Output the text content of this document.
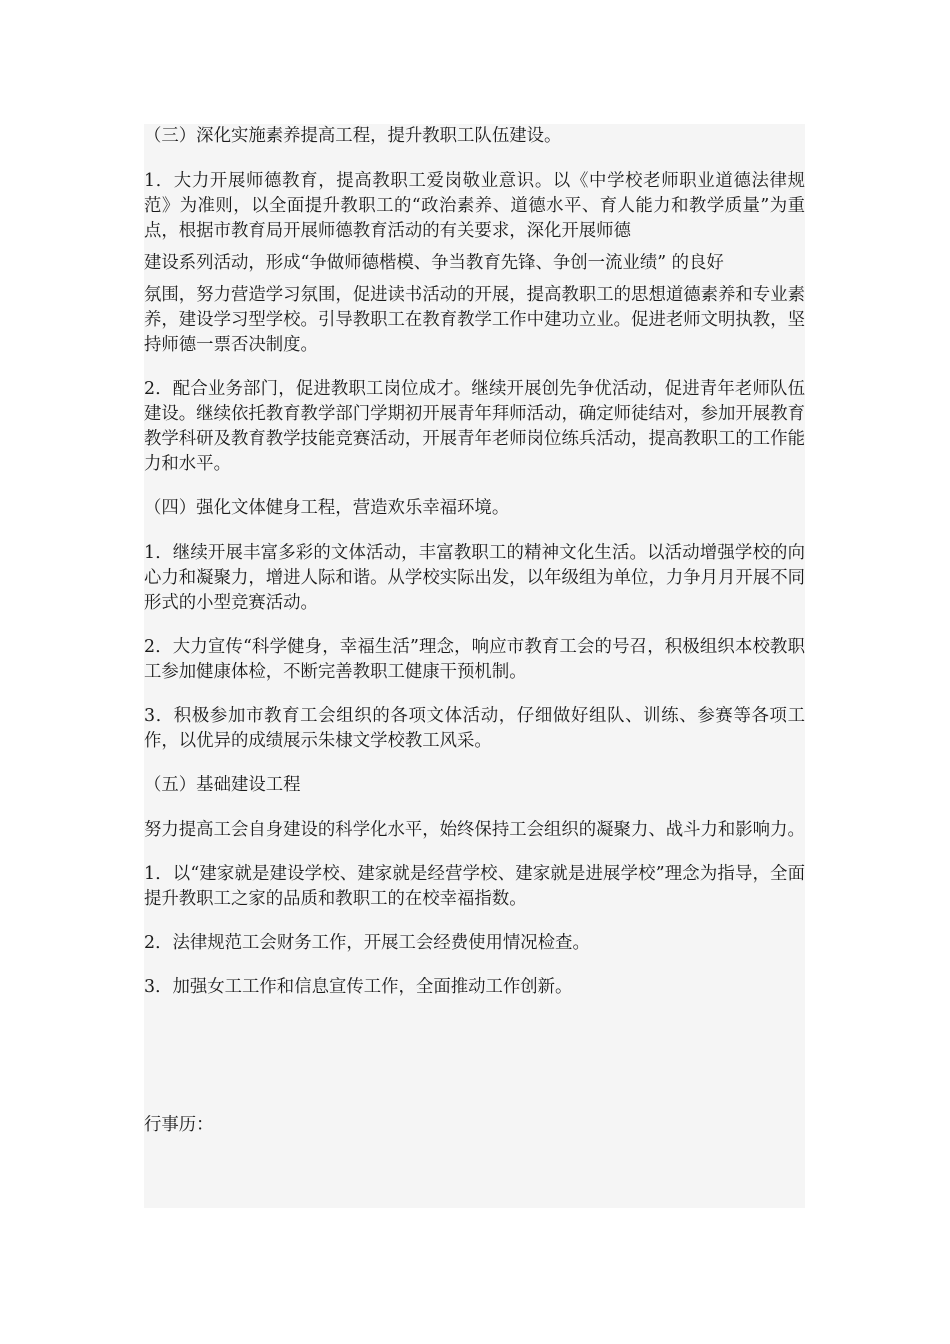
（三）深化实施素养提高工程，提升教职工队伍建设。

1．大力开展师德教育，提高教职工爱岗敬业意识。以《中学校老师职业道德法律规范》为准则，以全面提升教职工的“政治素养、道德水平、育人能力和教学质量”为重点，根据市教育局开展师德教育活动的有关要求，深化开展师德
建设系列活动，形成“争做师德楷模、争当教育先锋、争创一流业绩” 的良好
氛围，努力营造学习氛围，促进读书活动的开展，提高教职工的思想道德素养和专业素养，建设学习型学校。引导教职工在教育教学工作中建功立业。促进老师文明执教，坚持师德一票否决制度。

2．配合业务部门，促进教职工岗位成才。继续开展创先争优活动，促进青年老师队伍建设。继续依托教育教学部门学期初开展青年拜师活动，确定师徒结对，参加开展教育教学科研及教育教学技能竞赛活动，开展青年老师岗位练兵活动，提高教职工的工作能力和水平。

（四）强化文体健身工程，营造欢乐幸福环境。

1．继续开展丰富多彩的文体活动，丰富教职工的精神文化生活。以活动增强学校的向心力和凝聚力，增进人际和谐。从学校实际出发，以年级组为单位，力争月月开展不同形式的小型竞赛活动。

2．大力宣传“科学健身，幸福生活”理念，响应市教育工会的号召，积极组织本校教职工参加健康体检，不断完善教职工健康干预机制。

3．积极参加市教育工会组织的各项文体活动，仔细做好组队、训练、参赛等各项工作，以优异的成绩展示朱棣文学校教工风采。

（五）基础建设工程

努力提高工会自身建设的科学化水平，始终保持工会组织的凝聚力、战斗力和影响力。

1．以“建家就是建设学校、建家就是经营学校、建家就是进展学校”理念为指导，全面提升教职工之家的品质和教职工的在校幸福指数。

2．法律规范工会财务工作，开展工会经费使用情况检查。

3．加强女工工作和信息宣传工作，全面推动工作创新。

行事历：
